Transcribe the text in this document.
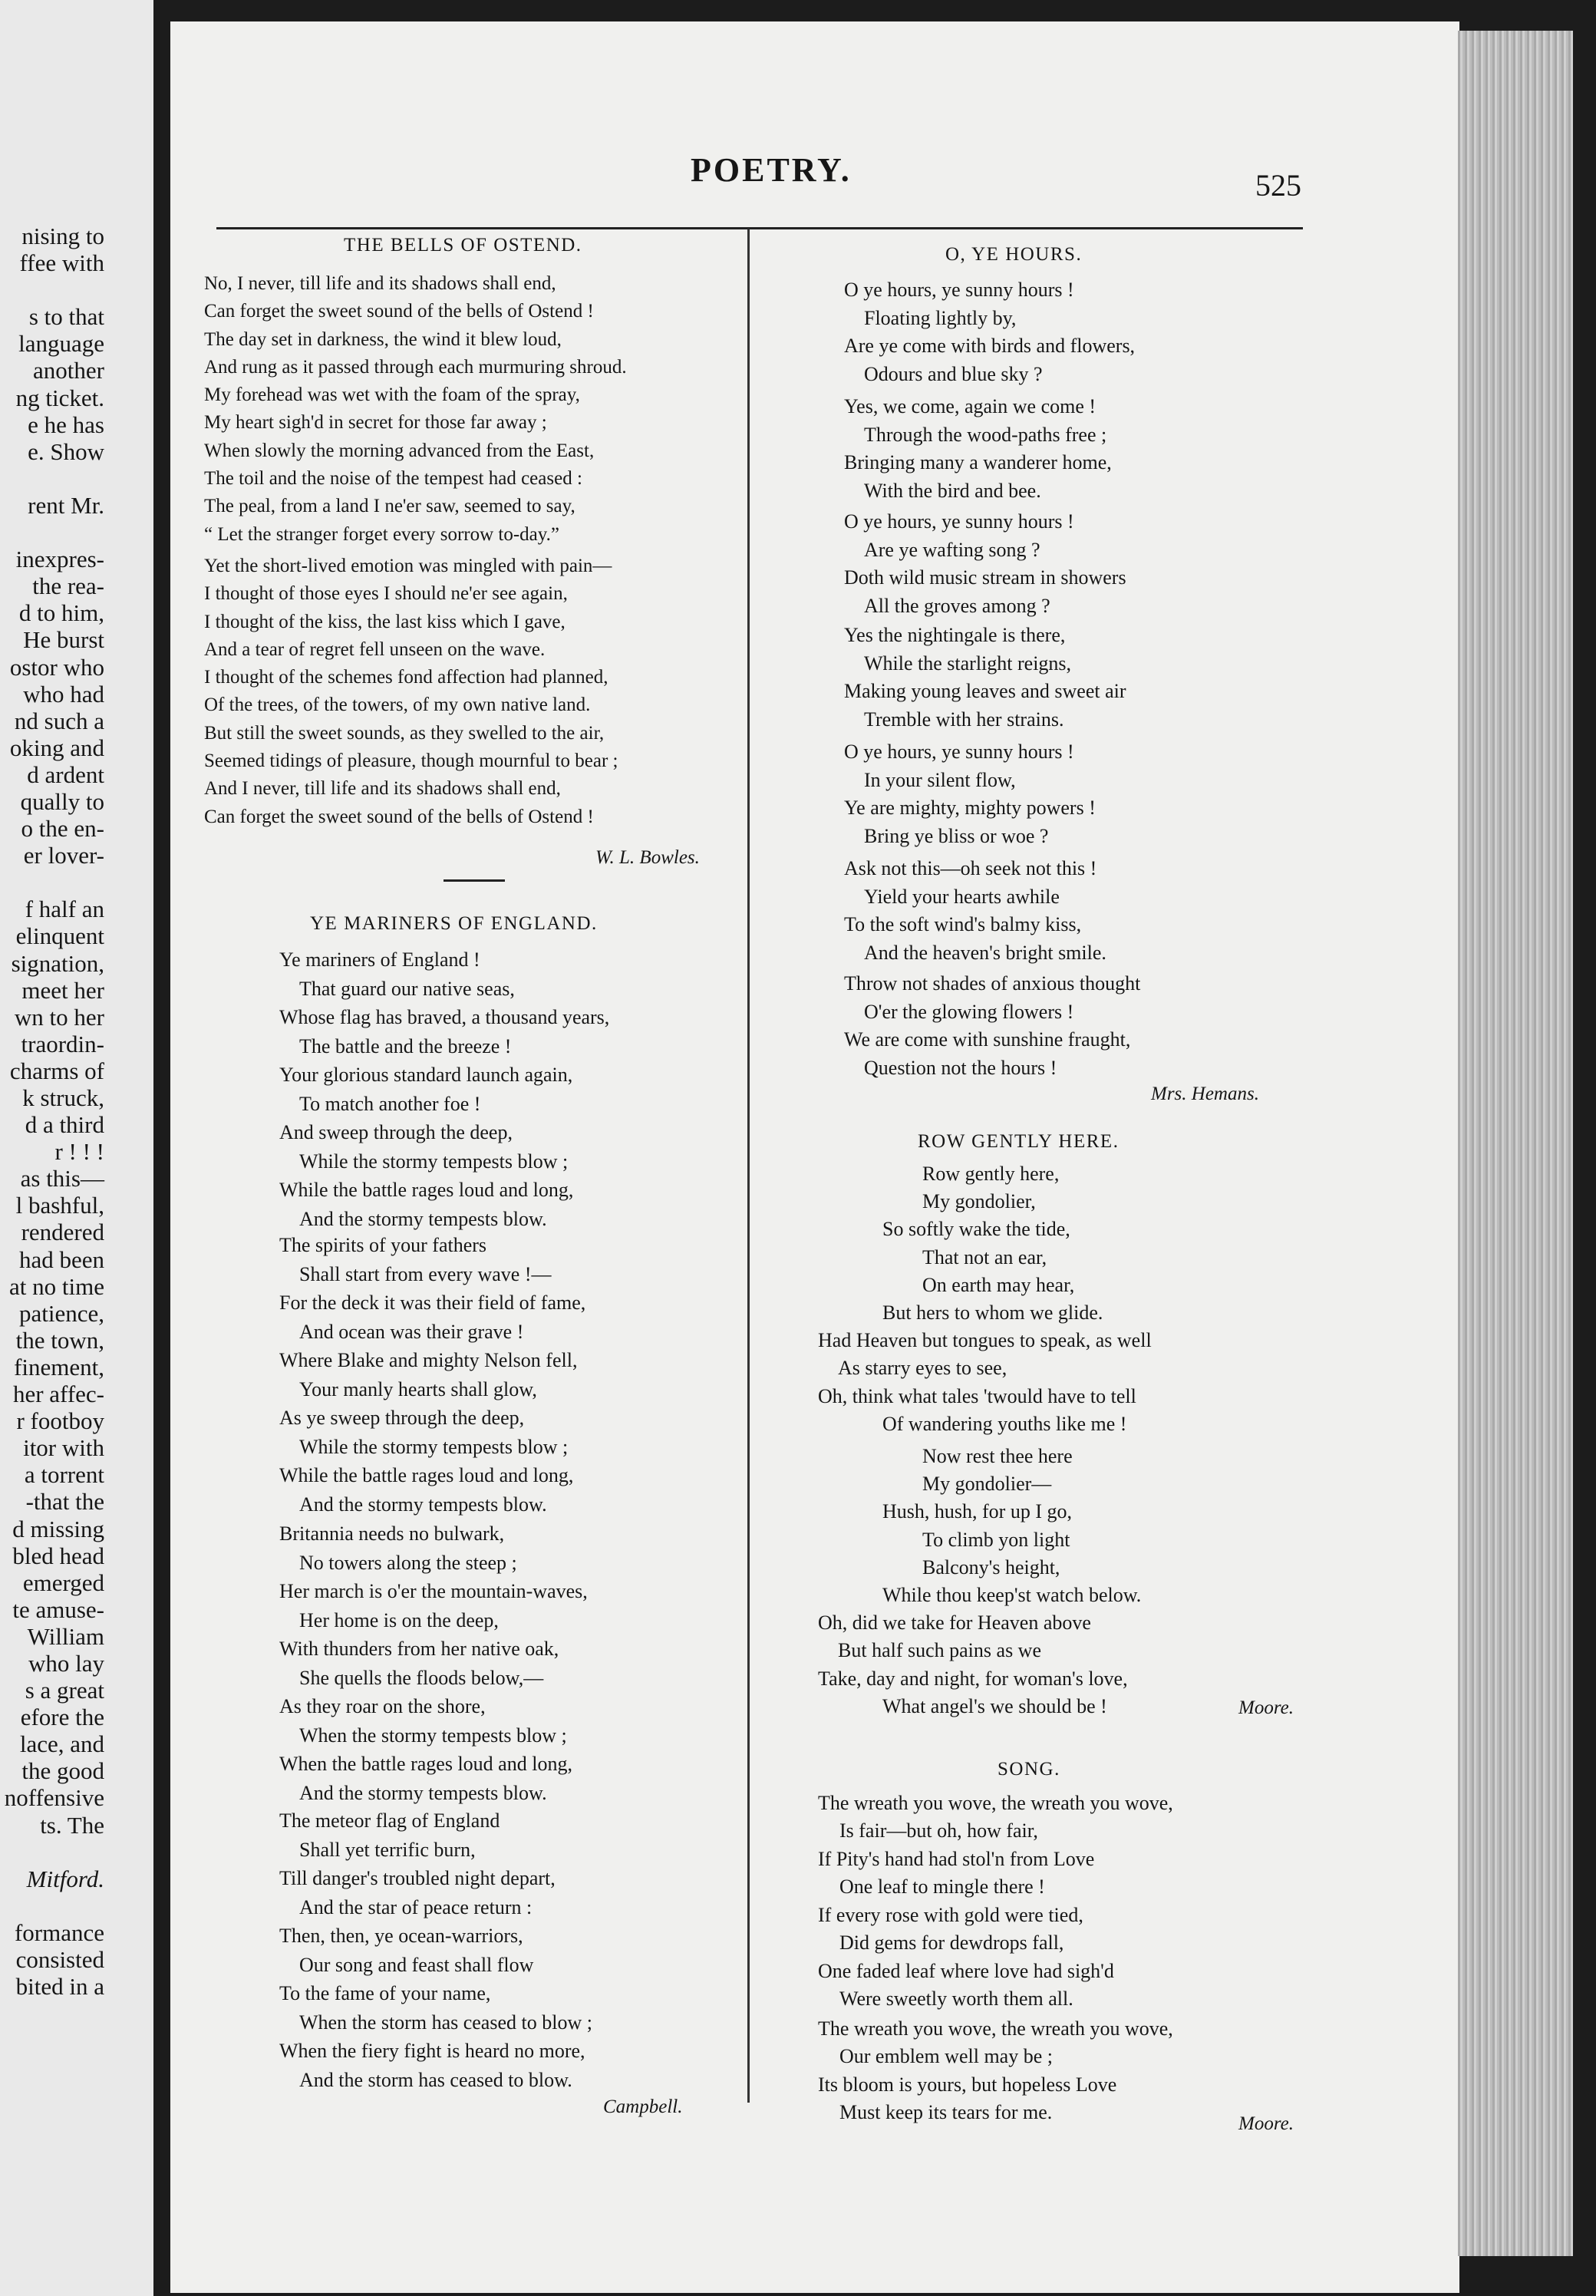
nising to
ffee with

s to that
language
another
ng ticket.
e he has
e. Show

rent Mr.

inexpres-
the rea-
d to him,
He burst
ostor who
who had
nd such a
oking and
d ardent
qually to
o the en-
er lover-

f half an
elinquent
signation,
meet her
wn to her
traordin-
charms of
k struck,
d a third
r ! ! !
as this—
l bashful,
rendered
had been
at no time
patience,
the town,
finement,
her affec-
r footboy
itor with
a torrent
-that the
d missing
bled head
emerged
te amuse-
William
who lay
s a great
efore the
lace, and
the good
noffensive
ts. The

Mitford.

formance
consisted
bited in a
POETRY.	525
THE BELLS OF OSTEND.
No, I never, till life and its shadows shall end,
Can forget the sweet sound of the bells of Ostend !
The day set in darkness, the wind it blew loud,
And rung as it passed through each murmuring shroud.
My forehead was wet with the foam of the spray,
My heart sigh'd in secret for those far away ;
When slowly the morning advanced from the East,
The toil and the noise of the tempest had ceased :
The peal, from a land I ne'er saw, seemed to say,
“ Let the stranger forget every sorrow to-day.”
Yet the short-lived emotion was mingled with pain—
I thought of those eyes I should ne'er see again,
I thought of the kiss, the last kiss which I gave,
And a tear of regret fell unseen on the wave.
I thought of the schemes fond affection had planned,
Of the trees, of the towers, of my own native land.
But still the sweet sounds, as they swelled to the air,
Seemed tidings of pleasure, though mournful to bear ;
And I never, till life and its shadows shall end,
Can forget the sweet sound of the bells of Ostend !
W. L. Bowles.
YE MARINERS OF ENGLAND.
Ye mariners of England !
That guard our native seas,
Whose flag has braved, a thousand years,
The battle and the breeze !
Your glorious standard launch again,
To match another foe !
And sweep through the deep,
While the stormy tempests blow ;
While the battle rages loud and long,
And the stormy tempests blow.
The spirits of your fathers
Shall start from every wave !—
For the deck it was their field of fame,
And ocean was their grave !
Where Blake and mighty Nelson fell,
Your manly hearts shall glow,
As ye sweep through the deep,
While the stormy tempests blow ;
While the battle rages loud and long,
And the stormy tempests blow.
Britannia needs no bulwark,
No towers along the steep ;
Her march is o'er the mountain-waves,
Her home is on the deep,
With thunders from her native oak,
She quells the floods below,—
As they roar on the shore,
When the stormy tempests blow ;
When the battle rages loud and long,
And the stormy tempests blow.
The meteor flag of England
Shall yet terrific burn,
Till danger's troubled night depart,
And the star of peace return :
Then, then, ye ocean-warriors,
Our song and feast shall flow
To the fame of your name,
When the storm has ceased to blow ;
When the fiery fight is heard no more,
And the storm has ceased to blow.
Campbell.
O, YE HOURS.
O ye hours, ye sunny hours !
Floating lightly by,
Are ye come with birds and flowers,
Odours and blue sky ?
Yes, we come, again we come !
Through the wood-paths free ;
Bringing many a wanderer home,
With the bird and bee.
O ye hours, ye sunny hours !
Are ye wafting song ?
Doth wild music stream in showers
All the groves among ?
Yes the nightingale is there,
While the starlight reigns,
Making young leaves and sweet air
Tremble with her strains.
O ye hours, ye sunny hours !
In your silent flow,
Ye are mighty, mighty powers !
Bring ye bliss or woe ?
Ask not this—oh seek not this !
Yield your hearts awhile
To the soft wind's balmy kiss,
And the heaven's bright smile.
Throw not shades of anxious thought
O'er the glowing flowers !
We are come with sunshine fraught,
Question not the hours !
Mrs. Hemans.
ROW GENTLY HERE.
Row gently here,
My gondolier,
So softly wake the tide,
That not an ear,
On earth may hear,
But hers to whom we glide.
Had Heaven but tongues to speak, as well
As starry eyes to see,
Oh, think what tales 'twould have to tell
Of wandering youths like me !
Now rest thee here
My gondolier—
Hush, hush, for up I go,
To climb yon light
Balcony's height,
While thou keep'st watch below.
Oh, did we take for Heaven above
But half such pains as we
Take, day and night, for woman's love,
What angel's we should be !	Moore.
SONG.
The wreath you wove, the wreath you wove,
Is fair—but oh, how fair,
If Pity's hand had stol'n from Love
One leaf to mingle there !
If every rose with gold were tied,
Did gems for dewdrops fall,
One faded leaf where love had sigh'd
Were sweetly worth them all.
The wreath you wove, the wreath you wove,
Our emblem well may be ;
Its bloom is yours, but hopeless Love
Must keep its tears for me.
Moore.
